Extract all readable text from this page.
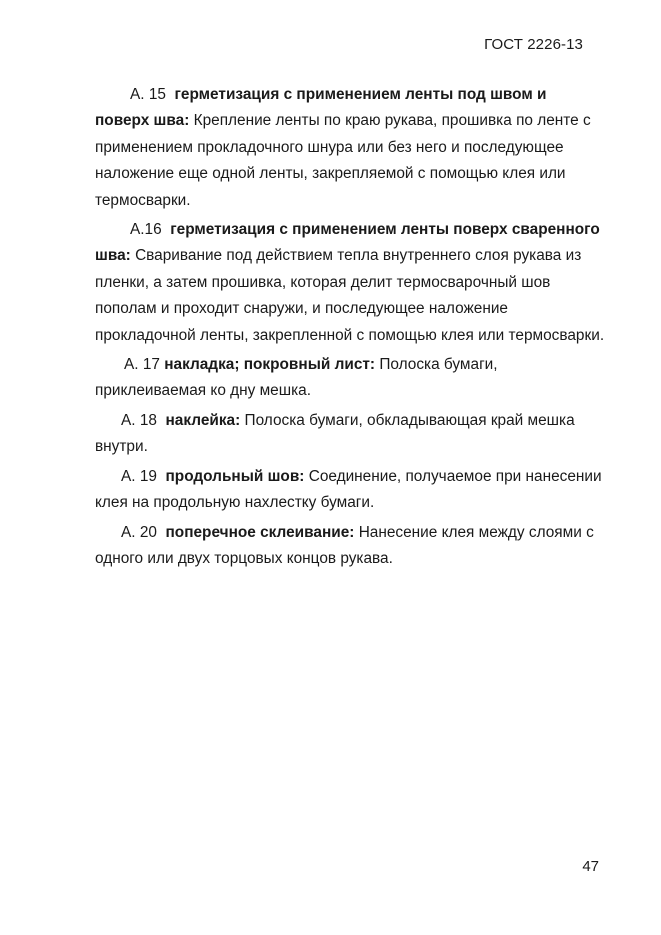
ГОСТ 2226-13

А. 15 герметизация с применением ленты под швом и поверх шва: Крепление ленты по краю рукава, прошивка по ленте с применением прокладочного шнура или без него и последующее наложение еще одной ленты, закрепляемой с помощью клея или термосварки.

А.16 герметизация с применением ленты поверх сваренного шва: Сваривание под действием тепла внутреннего слоя рукава из пленки, а затем прошивка, которая делит термосварочный шов пополам и проходит снаружи, и последующее наложение прокладочной ленты, закрепленной с помощью клея или термосварки.

А. 17 накладка; покровный лист: Полоска бумаги, приклеиваемая ко дну мешка.

А. 18 наклейка: Полоска бумаги, обкладывающая край мешка внутри.

А. 19 продольный шов: Соединение, получаемое при нанесении клея на продольную нахлестку бумаги.

А. 20 поперечное склеивание: Нанесение клея между слоями с одного или двух торцовых концов рукава.

47
